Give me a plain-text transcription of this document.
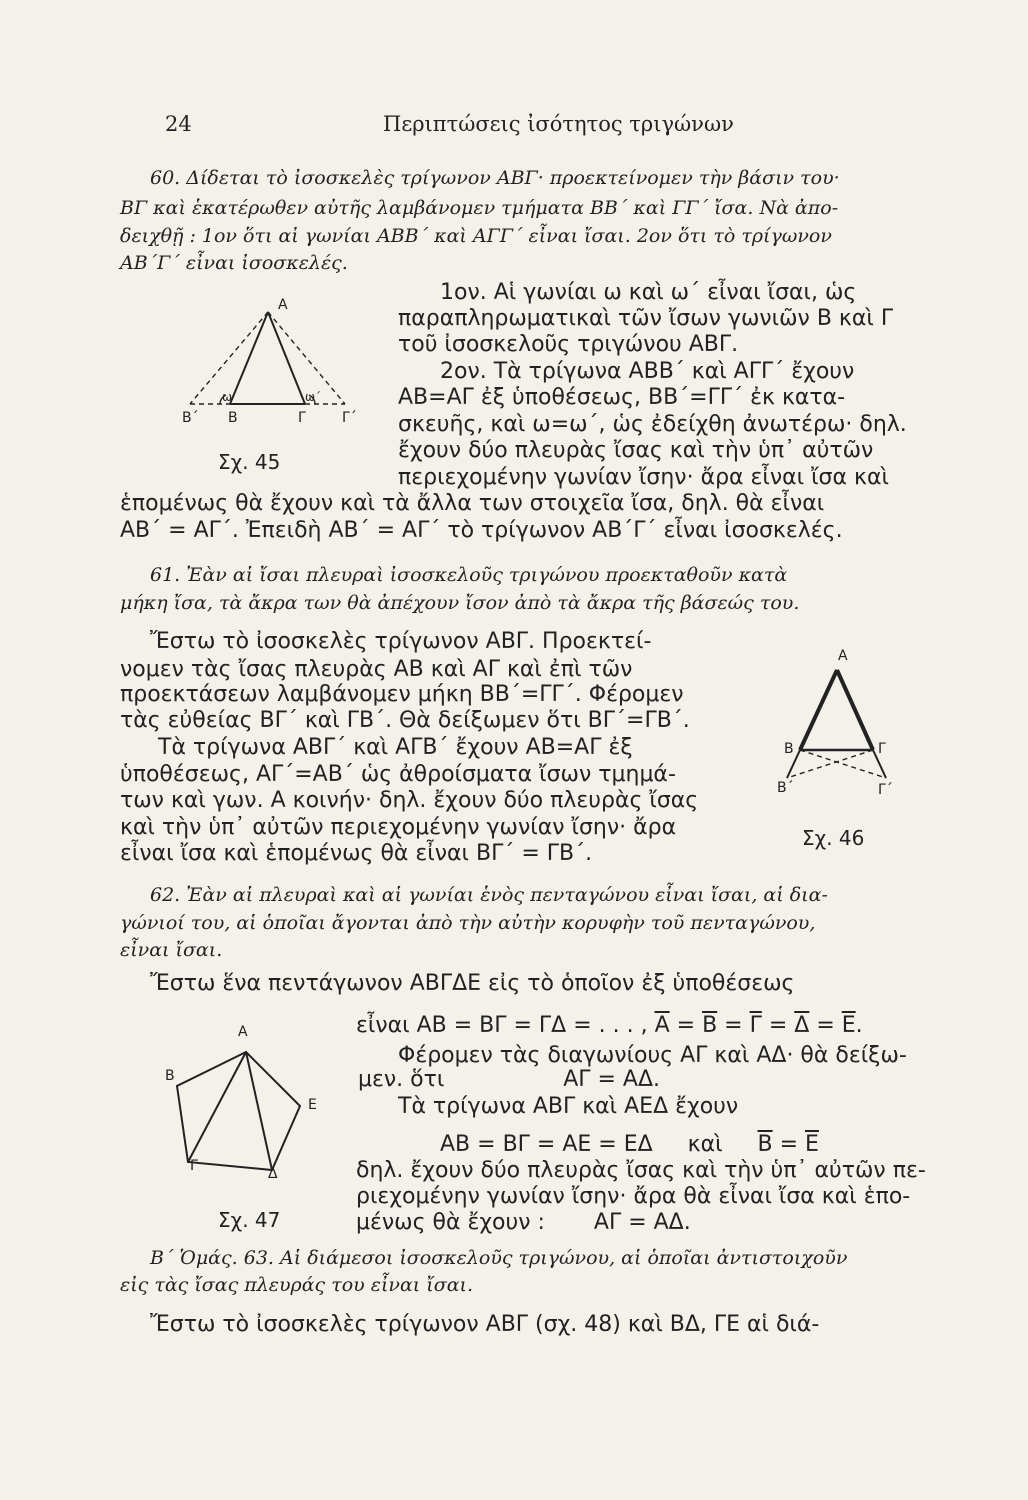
24	Περιπτώσεις ἰσότητος τριγώνων
60. Δίδεται τὸ ἰσοσκελὲς τρίγωνον ΑΒΓ· προεκτείνομεν τὴν βάσιν του·
ΒΓ καὶ ἑκατέρωθεν αὐτῆς λαμβάνομεν τμήματα ΒΒ΄ καὶ ΓΓ΄ ἴσα. Νὰ ἀπο-
δειχθῇ : 1ον ὅτι αἱ γωνίαι ΑΒΒ΄ καὶ ΑΓΓ΄ εἶναι ἴσαι. 2ον ὅτι τὸ τρίγωνον
ΑΒ΄Γ΄ εἶναι ἰσοσκελές.
Α
Β΄ Β	Γ	Γ΄
ω	ω΄
Σχ. 45
1ον. Αἱ γωνίαι ω καὶ ω΄ εἶναι ἴσαι, ὡς
παραπληρωματικαὶ τῶν ἴσων γωνιῶν Β καὶ Γ
τοῦ ἰσοσκελοῦς τριγώνου ΑΒΓ.
2ον. Τὰ τρίγωνα ΑΒΒ΄ καὶ ΑΓΓ΄ ἔχουν
ΑΒ=ΑΓ ἐξ ὑποθέσεως, ΒΒ΄=ΓΓ΄ ἐκ κατα-
σκευῆς, καὶ ω=ω΄, ὡς ἐδείχθη ἀνωτέρω· δηλ.
ἔχουν δύο πλευρὰς ἴσας καὶ τὴν ὑπ᾿ αὐτῶν
περιεχομένην γωνίαν ἴσην· ἄρα εἶναι ἴσα καὶ
ἑπομένως θὰ ἔχουν καὶ τὰ ἄλλα των στοιχεῖα ἴσα, δηλ. θὰ εἶναι
ΑΒ΄ = ΑΓ΄. Ἐπειδὴ ΑΒ΄ = ΑΓ΄ τὸ τρίγωνον ΑΒ΄Γ΄ εἶναι ἰσοσκελές.
61. Ἐὰν αἱ ἴσαι πλευραὶ ἰσοσκελοῦς τριγώνου προεκταθοῦν κατὰ
μήκη ἴσα, τὰ ἄκρα των θὰ ἀπέχουν ἴσον ἀπὸ τὰ ἄκρα τῆς βάσεώς του.
Ἔστω τὸ ἰσοσκελὲς τρίγωνον ΑΒΓ. Προεκτεί-
νομεν τὰς ἴσας πλευρὰς ΑΒ καὶ ΑΓ καὶ ἐπὶ τῶν
προεκτάσεων λαμβάνομεν μήκη ΒΒ΄=ΓΓ΄. Φέρομεν
τὰς εὐθείας ΒΓ΄ καὶ ΓΒ΄. Θὰ δείξωμεν ὅτι ΒΓ΄=ΓΒ΄.
Τὰ τρίγωνα ΑΒΓ΄ καὶ ΑΓΒ΄ ἔχουν ΑΒ=ΑΓ ἐξ
ὑποθέσεως, ΑΓ΄=ΑΒ΄ ὡς ἀθροίσματα ἴσων τμημά-
των καὶ γων. Α κοινήν· δηλ. ἔχουν δύο πλευρὰς ἴσας
καὶ τὴν ὑπ᾿ αὐτῶν περιεχομένην γωνίαν ἴσην· ἄρα
εἶναι ἴσα καὶ ἑπομένως θὰ εἶναι ΒΓ΄ = ΓΒ΄.
Α
Β	Γ
Β΄	Γ΄
Σχ. 46
62. Ἐὰν αἱ πλευραὶ καὶ αἱ γωνίαι ἑνὸς πενταγώνου εἶναι ἴσαι, αἱ δια-
γώνιοί του, αἱ ὁποῖαι ἄγονται ἀπὸ τὴν αὐτὴν κορυφὴν τοῦ πενταγώνου,
εἶναι ἴσαι.
Ἔστω ἕνα πεντάγωνον ΑΒΓΔΕ εἰς τὸ ὁποῖον ἐξ ὑποθέσεως
εἶναι ΑΒ = ΒΓ = ΓΔ = . . . , $\overline{A} = \overline{B} = \overline{\Gamma} = \overline{\Delta} = \overline{E}$.
Φέρομεν τὰς διαγωνίους ΑΓ καὶ ΑΔ· θὰ δείξω-
μεν. ὅτι                 ΑΓ = ΑΔ.
Τὰ τρίγωνα ΑΒΓ καὶ ΑΕΔ ἔχουν
ΑΒ = ΒΓ = ΑΕ = ΕΔ     καὶ $\overline{B} = \overline{E}$
δηλ. ἔχουν δύο πλευρὰς ἴσας καὶ τὴν ὑπ᾿ αὐτῶν πε-
ριεχομένην γωνίαν ἴσην· ἄρα θὰ εἶναι ἴσα καὶ ἑπο-
μένως θὰ ἔχουν :       ΑΓ = ΑΔ.
Α
Β
Γ	Δ
Ε
Σχ. 47
Β΄ Ὁμάς. 63. Αἱ διάμεσοι ἰσοσκελοῦς τριγώνου, αἱ ὁποῖαι ἀντιστοιχοῦν
εἰς τὰς ἴσας πλευράς του εἶναι ἴσαι.
Ἔστω τὸ ἰσοσκελὲς τρίγωνον ΑΒΓ (σχ. 48) καὶ ΒΔ, ΓΕ αἱ διά-
